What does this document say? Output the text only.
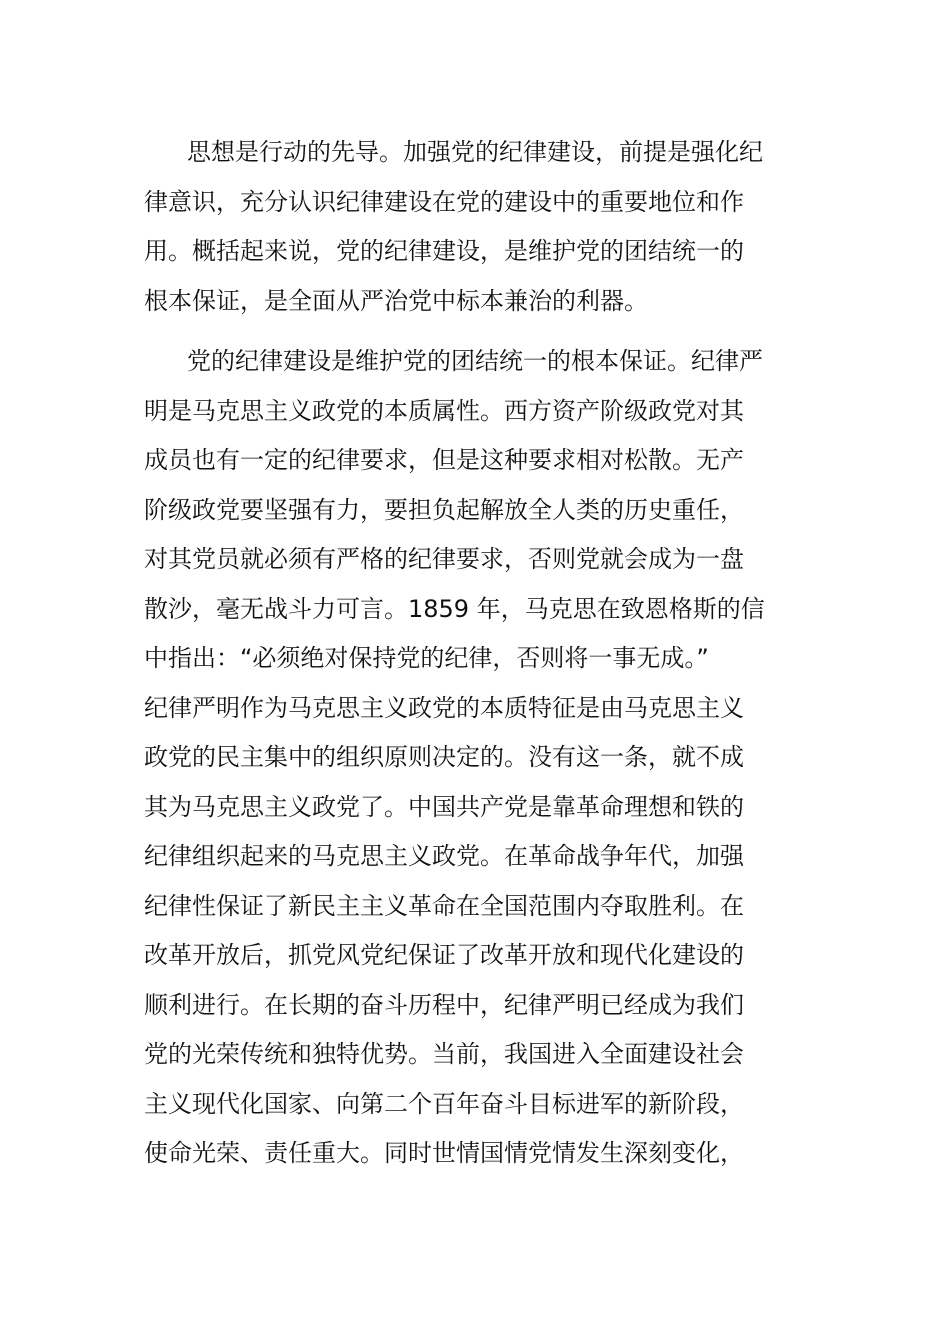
思想是行动的先导。加强党的纪律建设，前提是强化纪
律意识，充分认识纪律建设在党的建设中的重要地位和作
用。概括起来说，党的纪律建设，是维护党的团结统一的
根本保证，是全面从严治党中标本兼治的利器。

党的纪律建设是维护党的团结统一的根本保证。纪律严
明是马克思主义政党的本质属性。西方资产阶级政党对其
成员也有一定的纪律要求，但是这种要求相对松散。无产
阶级政党要坚强有力，要担负起解放全人类的历史重任，
对其党员就必须有严格的纪律要求，否则党就会成为一盘
散沙，毫无战斗力可言。1859 年，马克思在致恩格斯的信
中指出：“必须绝对保持党的纪律，否则将一事无成。”
纪律严明作为马克思主义政党的本质特征是由马克思主义
政党的民主集中的组织原则决定的。没有这一条，就不成
其为马克思主义政党了。中国共产党是靠革命理想和铁的
纪律组织起来的马克思主义政党。在革命战争年代，加强
纪律性保证了新民主主义革命在全国范围内夺取胜利。在
改革开放后，抓党风党纪保证了改革开放和现代化建设的
顺利进行。在长期的奋斗历程中，纪律严明已经成为我们
党的光荣传统和独特优势。当前，我国进入全面建设社会
主义现代化国家、向第二个百年奋斗目标进军的新阶段，
使命光荣、责任重大。同时世情国情党情发生深刻变化，
